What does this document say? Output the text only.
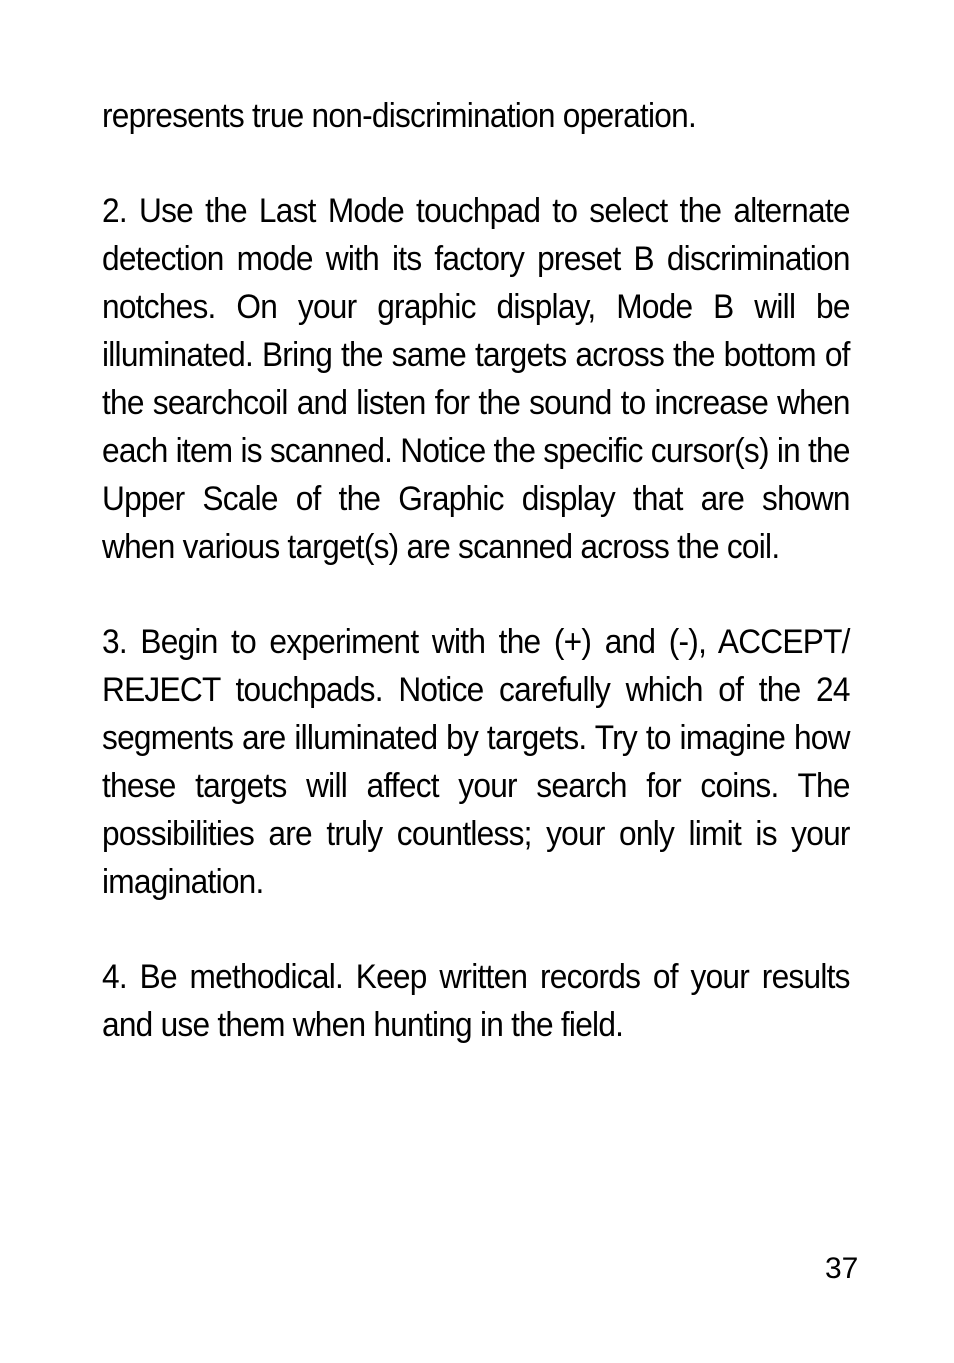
represents true non-discrimination operation.

2. Use the Last Mode touchpad to select the alternate detection mode with its factory preset B discrimination notches. On your graphic display, Mode B will be illuminated. Bring the same targets across the bottom of the searchcoil and listen for the sound to increase when each item is scanned. Notice the specific cursor(s) in the Upper Scale of the Graphic display that are shown when various target(s) are scanned across the coil.

3. Begin to experiment with the (+) and (-), ACCEPT/ REJECT touchpads. Notice carefully which of the 24 segments are illuminated by targets. Try to imagine how these targets will affect your search for coins. The possibilities are truly countless; your only limit is your imagination.

4. Be methodical. Keep written records of your results and use them when hunting in the field.

37
